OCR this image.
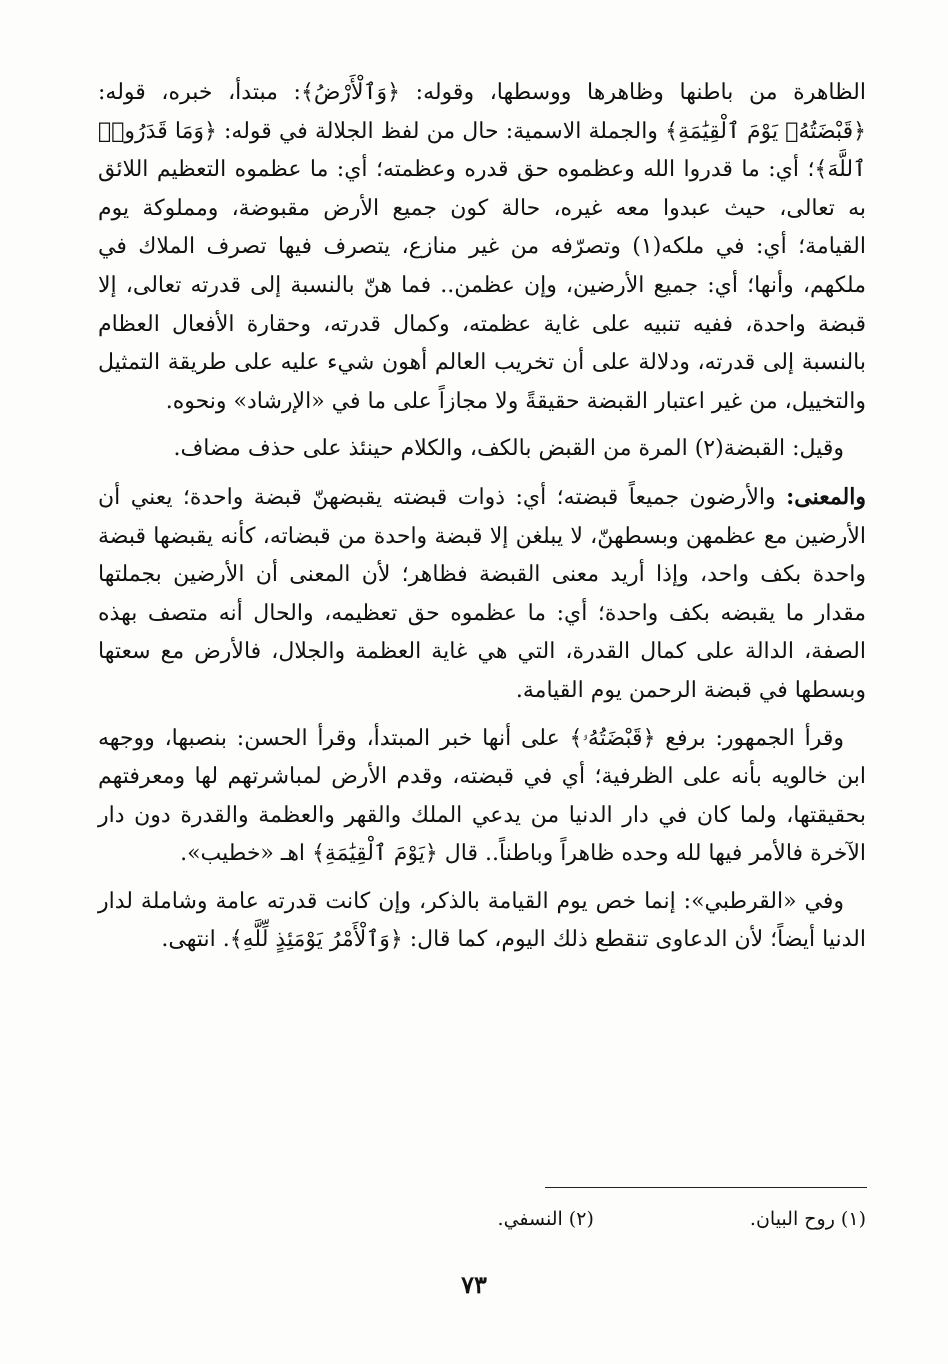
الظاهرة من باطنها وظاهرها ووسطها، وقوله: ﴿وَٱلْأَرْضُ﴾: مبتدأ، خبره، قوله: ﴿قَبْضَتُهُۥ يَوْمَ ٱلْقِيَٰمَةِ﴾ والجملة الاسمية: حال من لفظ الجلالة في قوله: ﴿وَمَا قَدَرُوا۟ ٱللَّهَ﴾؛ أي: ما قدروا الله وعظموه حق قدره وعظمته؛ أي: ما عظموه التعظيم اللائق به تعالى، حيث عبدوا معه غيره، حالة كون جميع الأرض مقبوضة، ومملوكة يوم القيامة؛ أي: في ملكه(١) وتصرّفه من غير منازع، يتصرف فيها تصرف الملاك في ملكهم، وأنها؛ أي: جميع الأرضين، وإن عظمن.. فما هنّ بالنسبة إلى قدرته تعالى، إلا قبضة واحدة، ففيه تنبيه على غاية عظمته، وكمال قدرته، وحقارة الأفعال العظام بالنسبة إلى قدرته، ودلالة على أن تخريب العالم أهون شيء عليه على طريقة التمثيل والتخييل، من غير اعتبار القبضة حقيقةً ولا مجازاً على ما في «الإرشاد» ونحوه.

وقيل: القبضة(٢) المرة من القبض بالكف، والكلام حينئذ على حذف مضاف.

والمعنى: والأرضون جميعاً قبضته؛ أي: ذوات قبضته يقبضهنّ قبضة واحدة؛ يعني أن الأرضين مع عظمهن وبسطهنّ، لا يبلغن إلا قبضة واحدة من قبضاته، كأنه يقبضها قبضة واحدة بكف واحد، وإذا أريد معنى القبضة فظاهر؛ لأن المعنى أن الأرضين بجملتها مقدار ما يقبضه بكف واحدة؛ أي: ما عظموه حق تعظيمه، والحال أنه متصف بهذه الصفة، الدالة على كمال القدرة، التي هي غاية العظمة والجلال، فالأرض مع سعتها وبسطها في قبضة الرحمن يوم القيامة.

وقرأ الجمهور: برفع ﴿قَبْضَتُهُۥ﴾ على أنها خبر المبتدأ، وقرأ الحسن: بنصبها، ووجهه ابن خالويه بأنه على الظرفية؛ أي في قبضته، وقدم الأرض لمباشرتهم لها ومعرفتهم بحقيقتها، ولما كان في دار الدنيا من يدعي الملك والقهر والعظمة والقدرة دون دار الآخرة فالأمر فيها لله وحده ظاهراً وباطناً.. قال ﴿يَوْمَ ٱلْقِيَٰمَةِ﴾ اهـ «خطيب».

وفي «القرطبي»: إنما خص يوم القيامة بالذكر، وإن كانت قدرته عامة وشاملة لدار الدنيا أيضاً؛ لأن الدعاوى تنقطع ذلك اليوم، كما قال: ﴿وَٱلْأَمْرُ يَوْمَئِذٍ لِّلَّهِ﴾. انتهى.

(١) روح البيان. (٢) النسفي.
٧٣
